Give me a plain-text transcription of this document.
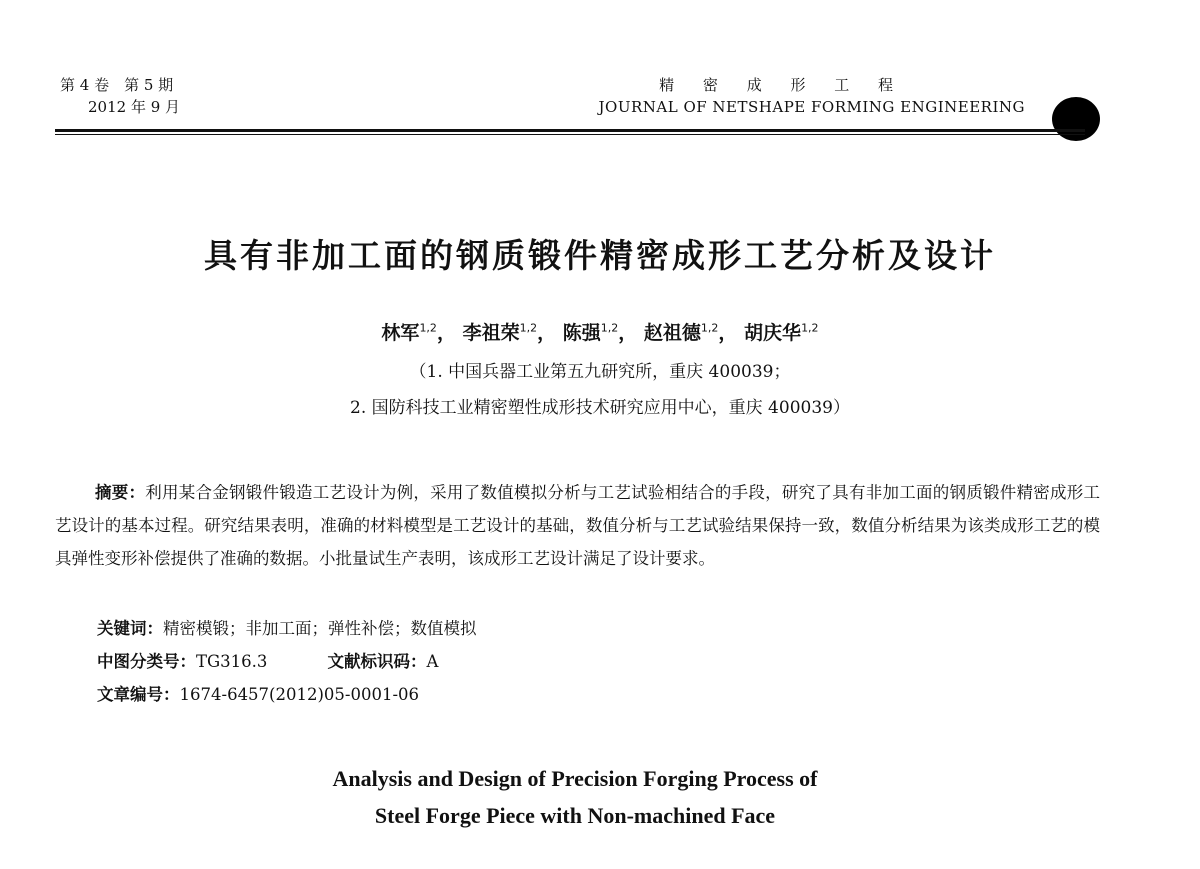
第 4 卷　第 5 期
2012 年 9 月
精 密 成 形 工 程
JOURNAL OF NETSHAPE FORMING ENGINEERING
具有非加工面的钢质锻件精密成形工艺分析及设计
林军$^{1,2}$， 李祖荣$^{1,2}$， 陈强$^{1,2}$， 赵祖德$^{1,2}$， 胡庆华$^{1,2}$
（1. 中国兵器工业第五九研究所，重庆 400039；
2. 国防科技工业精密塑性成形技术研究应用中心，重庆 400039）

摘要：利用某合金钢锻件锻造工艺设计为例，采用了数值模拟分析与工艺试验相结合的手段，研究了具有非加工面的钢质锻件精密成形工艺设计的基本过程。研究结果表明，准确的材料模型是工艺设计的基础，数值分析与工艺试验结果保持一致，数值分析结果为该类成形工艺的模具弹性变形补偿提供了准确的数据。小批量试生产表明，该成形工艺设计满足了设计要求。

关键词：精密模锻；非加工面；弹性补偿；数值模拟
中图分类号：TG316.3	文献标识码：A
文章编号：1674-6457(2012)05-0001-06
Analysis and Design of Precision Forging Process of
Steel Forge Piece with Non-machined Face
